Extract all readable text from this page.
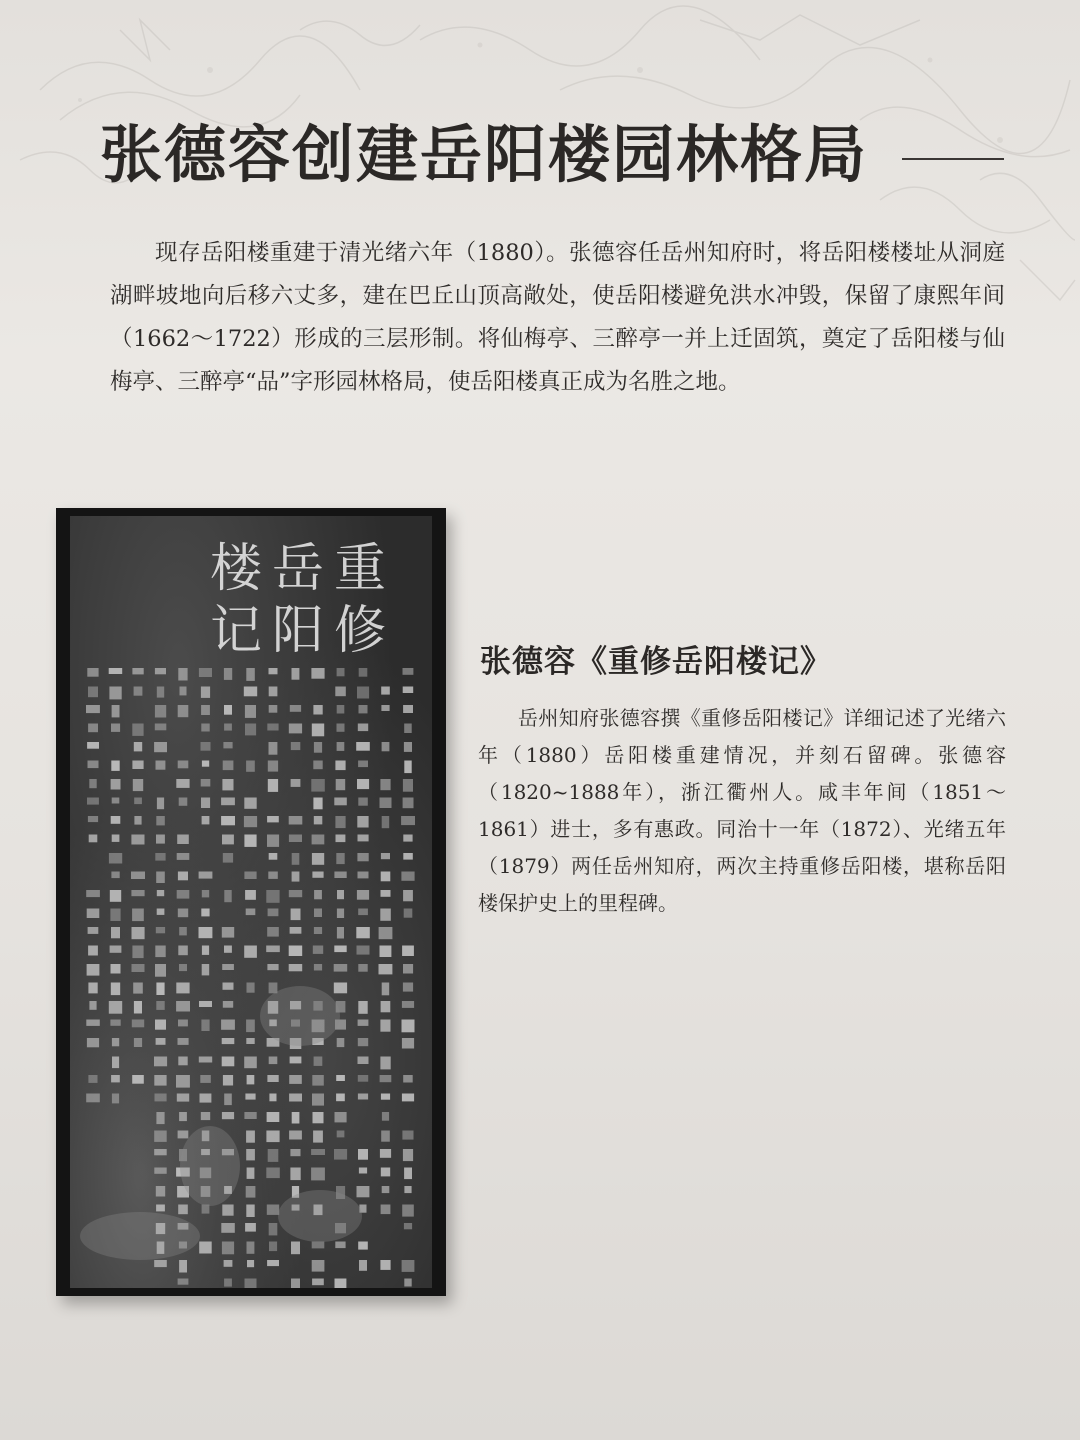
张德容创建岳阳楼园林格局

现存岳阳楼重建于清光绪六年（1880）。张德容任岳州知府时，将岳阳楼楼址从洞庭湖畔坡地向后移六丈多，建在巴丘山顶高敞处，使岳阳楼避免洪水冲毁，保留了康熙年间（1662～1722）形成的三层形制。将仙梅亭、三醉亭一并上迁固筑，奠定了岳阳楼与仙梅亭、三醉亭“品”字形园林格局，使岳阳楼真正成为名胜之地。

重
修
岳
阳
楼
记
张德容《重修岳阳楼记》

岳州知府张德容撰《重修岳阳楼记》详细记述了光绪六年（1880）岳阳楼重建情况，并刻石留碑。张德容（1820~1888年），浙江衢州人。咸丰年间（1851～1861）进士，多有惠政。同治十一年（1872）、光绪五年（1879）两任岳州知府，两次主持重修岳阳楼，堪称岳阳楼保护史上的里程碑。
